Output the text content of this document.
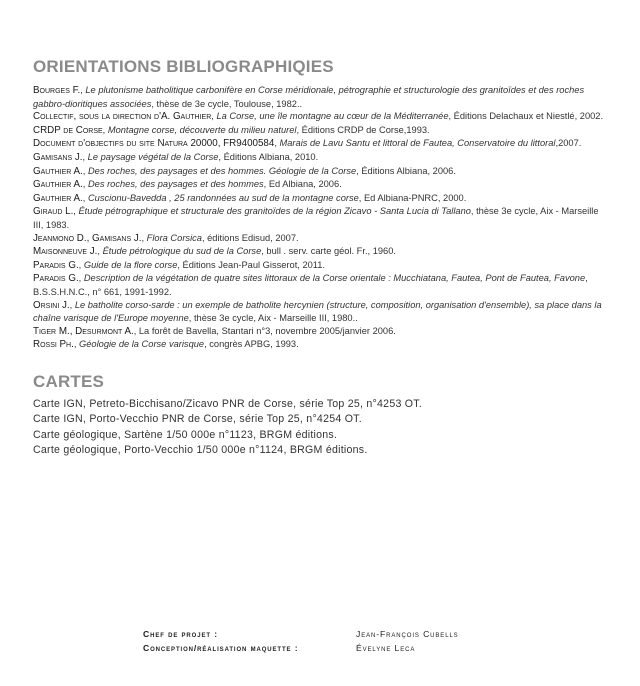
ORIENTATIONS BIBLIOGRAPHIQIES
Bourges F., Le plutonisme batholitique carbonifère en Corse méridionale, pétrographie et structurologie des granitoïdes et des roches gabbro-dioritiques associées, thèse de 3e cycle, Toulouse, 1982..
Collectif, sous la direction d'A. Gauthier, La Corse, une île montagne au cœur de la Méditerranée, Éditions Delachaux et Niestlé, 2002.
CRDP de Corse, Montagne corse, découverte du milieu naturel, Éditions CRDP de Corse,1993.
Document d'objectifs du site Natura 20000, FR9400584, Marais de Lavu Santu et littoral de Fautea, Conservatoire du littoral,2007.
Gamisans J., Le paysage végétal de la Corse, Éditions Albiana, 2010.
Gauthier A., Des roches, des paysages et des hommes. Géologie de la Corse, Éditions Albiana, 2006.
Gauthier A., Des roches, des paysages et des hommes, Ed Albiana, 2006.
Gauthier A., Cuscionu-Bavedda , 25 randonnées au sud de la montagne corse, Ed Albiana-PNRC, 2000.
Giraud L., Étude pétrographique et structurale des granitoïdes de la région Zicavo - Santa Lucia di Tallano, thèse 3e cycle, Aix - Marseille III, 1983.
Jeanmono D., Gamisans J., Flora Corsica, éditions Edisud, 2007.
Maisonneuve J., Étude pétrologique du sud de la Corse, bull . serv. carte géol. Fr., 1960.
Paradis G., Guide de la flore corse, Éditions Jean-Paul Gisserot, 2011.
Paradis G., Description de la végétation de quatre sites littoraux de la Corse orientale : Mucchiatana, Fautea, Pont de Fautea, Favone, B.S.S.H.N.C., n° 661, 1991-1992.
Orsini J., Le batholite corso-sarde : un exemple de batholite hercynien (structure, composition, organisation d'ensemble), sa place dans la chaîne varisque de l'Europe moyenne, thèse 3e cycle, Aix - Marseille III, 1980..
Tiger M., Desurmont A., La forêt de Bavella, Stantari n°3, novembre 2005/janvier 2006.
Rossi Ph., Géologie de la Corse varisque, congrès APBG, 1993.
CARTES
Carte IGN, Petreto-Bicchisano/Zicavo PNR de Corse, série Top 25, n°4253 OT.
Carte IGN, Porto-Vecchio PNR de Corse, série Top 25, n°4254 OT.
Carte géologique, Sartène 1/50 000e n°1123, BRGM éditions.
Carte géologique, Porto-Vecchio 1/50 000e n°1124, BRGM éditions.
Chef de projet :	Jean-François Cubells
Conception/réalisation maquette :	Évelyne Leca
